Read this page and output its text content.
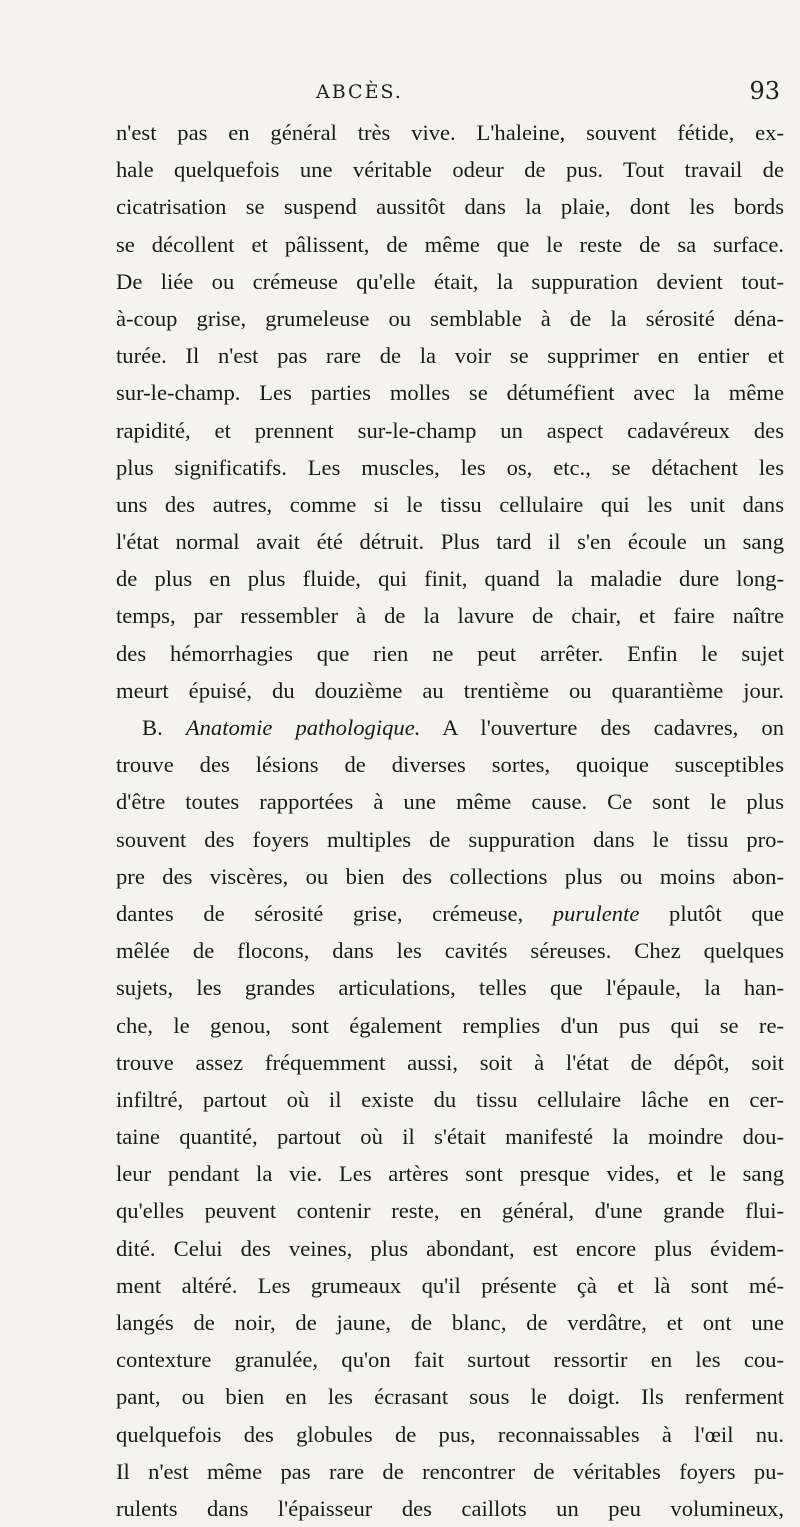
ABCÈS.	93
n'est pas en général très vive. L'haleine, souvent fétide, ex-
hale quelquefois une véritable odeur de pus. Tout travail de
cicatrisation se suspend aussitôt dans la plaie, dont les bords
se décollent et pâlissent, de même que le reste de sa surface.
De liée ou crémeuse qu'elle était, la suppuration devient tout-
à-coup grise, grumeleuse ou semblable à de la sérosité déna-
turée. Il n'est pas rare de la voir se supprimer en entier et
sur-le-champ. Les parties molles se détuméfient avec la même
rapidité, et prennent sur-le-champ un aspect cadavéreux des
plus significatifs. Les muscles, les os, etc., se détachent les
uns des autres, comme si le tissu cellulaire qui les unit dans
l'état normal avait été détruit. Plus tard il s'en écoule un sang
de plus en plus fluide, qui finit, quand la maladie dure long-
temps, par ressembler à de la lavure de chair, et faire naître
des hémorrhagies que rien ne peut arrêter. Enfin le sujet
meurt épuisé, du douzième au trentième ou quarantième jour.
B. Anatomie pathologique. A l'ouverture des cadavres, on
trouve des lésions de diverses sortes, quoique susceptibles
d'être toutes rapportées à une même cause. Ce sont le plus
souvent des foyers multiples de suppuration dans le tissu pro-
pre des viscères, ou bien des collections plus ou moins abon-
dantes de sérosité grise, crémeuse, purulente plutôt que
mêlée de flocons, dans les cavités séreuses. Chez quelques
sujets, les grandes articulations, telles que l'épaule, la han-
che, le genou, sont également remplies d'un pus qui se re-
trouve assez fréquemment aussi, soit à l'état de dépôt, soit
infiltré, partout où il existe du tissu cellulaire lâche en cer-
taine quantité, partout où il s'était manifesté la moindre dou-
leur pendant la vie. Les artères sont presque vides, et le sang
qu'elles peuvent contenir reste, en général, d'une grande flui-
dité. Celui des veines, plus abondant, est encore plus évidem-
ment altéré. Les grumeaux qu'il présente çà et là sont mé-
langés de noir, de jaune, de blanc, de verdâtre, et ont une
contexture granulée, qu'on fait surtout ressortir en les cou-
pant, ou bien en les écrasant sous le doigt. Ils renferment
quelquefois des globules de pus, reconnaissables à l'œil nu.
Il n'est même pas rare de rencontrer de véritables foyers pu-
rulents dans l'épaisseur des caillots un peu volumineux,
